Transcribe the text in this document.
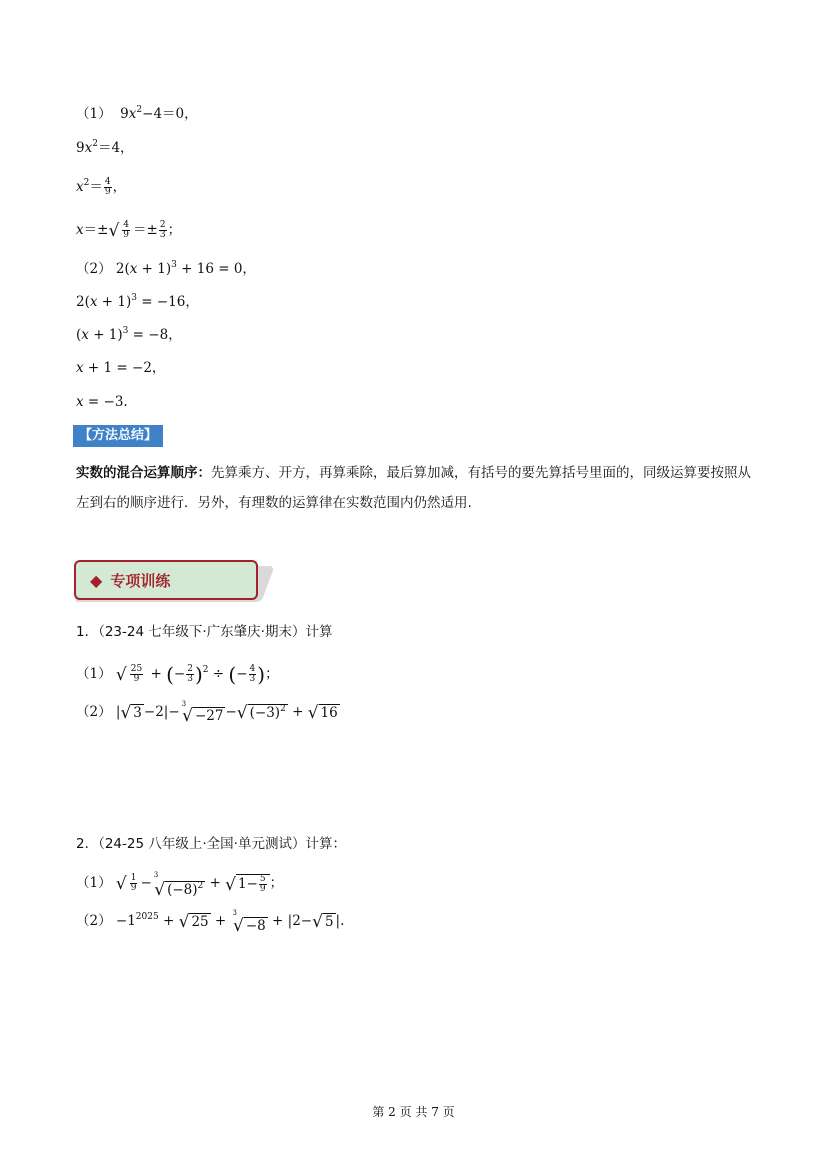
（1）  $9x^2-4=0$，
$9x^2=4$，
$x^2= \frac{4}{9}$ ，
x＝± √ $\frac{4}{9} =\pm \frac{2}{3}$ ；
（2） $2(x + 1)^3 + 16 = 0$，
$2(x + 1)^3 = -16$，
$(x + 1)^3 = -8$，
x + 1 = −2，
x = −3.
【方法总结】
实数的混合运算顺序：先算乘方、开方，再算乘除，最后算加减，有括号的要先算括号里面的，同级运算要按照从左到右的顺序进行．另外，有理数的运算律在实数范围内仍然适用.
◆ 专项训练
1．（23-24 七年级下·广东肇庆·期末）计算
（1） √ $\frac{25}{9}$ + (− $\frac{2}{3} )^2$ ÷ (− $\frac{4}{3}$ )；
（2） | √ 3 −2|−
3
√ −27 − √ $(-3)^2$ + √ 16
2．（24-25 八年级上·全国·单元测试）计算：
（1） √ $\frac{1}{9}$ −
3
√ $(-8)^2$ + √ $1- \frac{5}{9}$ ；
$(2) -1^{2025}$ + √ 25 +
3
√ −8 + |2− √ 5 |.
第 2 页 共 7 页
